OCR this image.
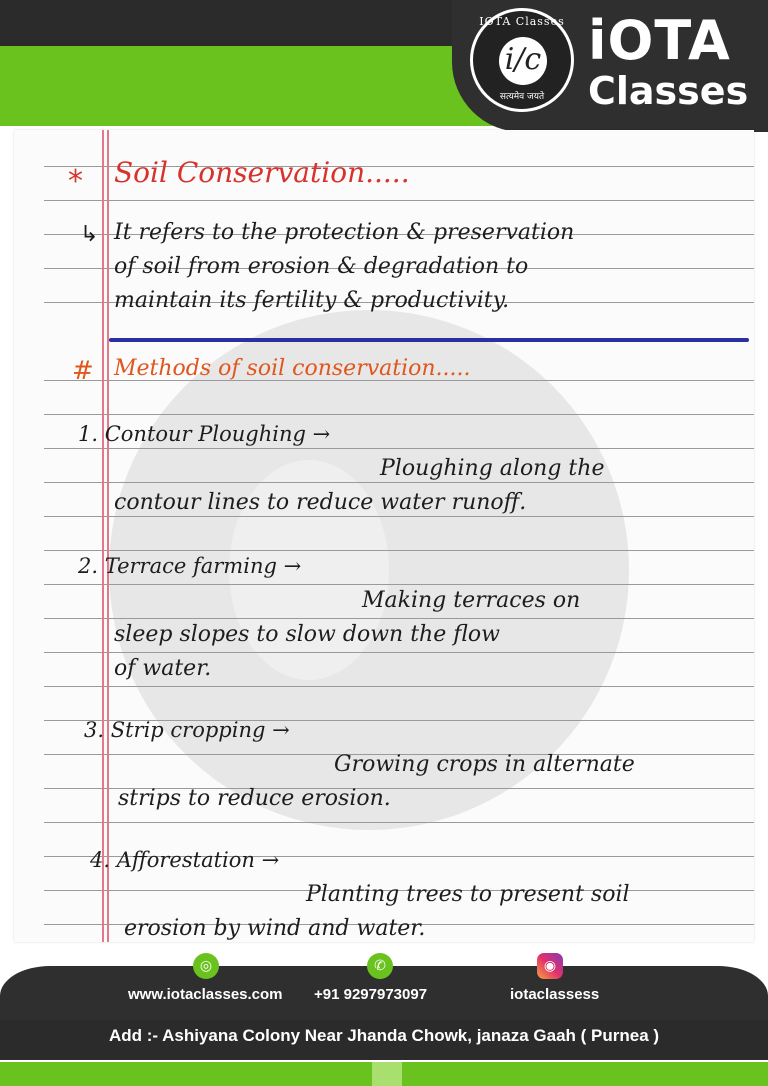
IOTA Classes
i/c
सत्यमेव जयते
iOTA
Classes
* Soil Conservation.....
↳ It refers to the protection & preservation
of soil from erosion & degradation to
maintain its fertility & productivity.
# Methods of soil conservation.....
1. Contour Ploughing →
Ploughing along the
contour lines to reduce water runoff.
2. Terrace farming →
Making terraces on
sleep slopes to slow down the flow
of water.
3. Strip cropping →
Growing crops in alternate
strips to reduce erosion.
4. Afforestation →
Planting trees to present soil
erosion by wind and water.
◎	✆	◉
www.iotaclasses.com +91 9297973097	iotaclassess
Add :- Ashiyana Colony Near Jhanda Chowk, janaza Gaah ( Purnea )
